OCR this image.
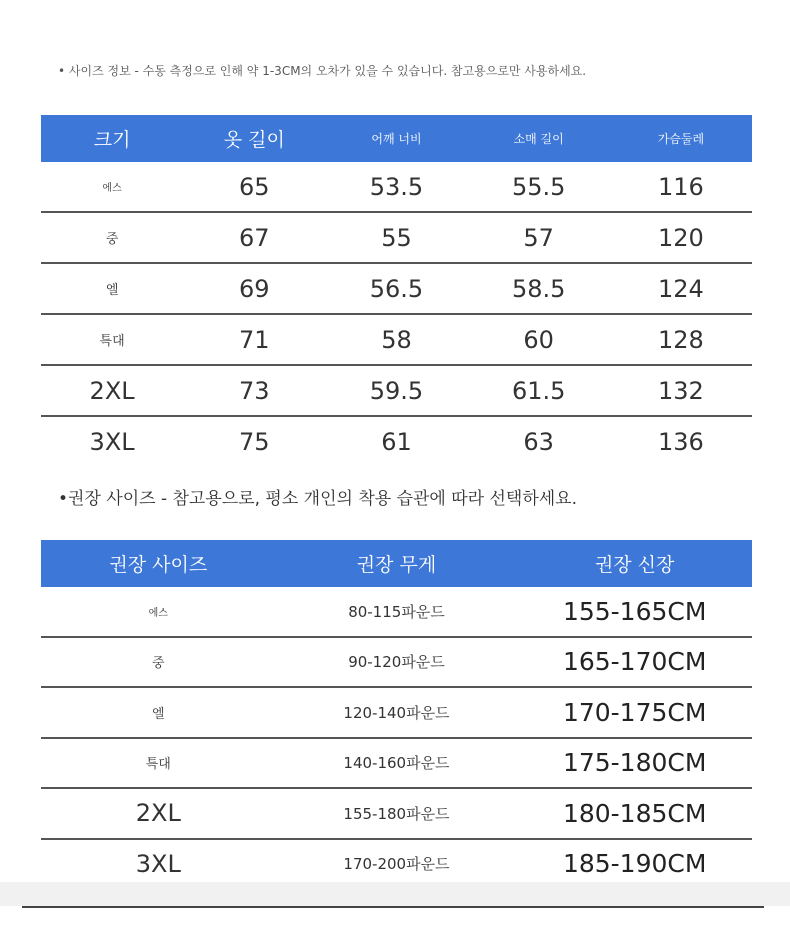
• 사이즈 정보 - 수동 측정으로 인해 약 1-3CM의 오차가 있을 수 있습니다. 참고용으로만 사용하세요.
크기	옷 길이	어깨 너비	소매 길이	가슴둘레
에스	65	53.5	55.5	116
중	67	55	57	120
엘	69	56.5	58.5	124
특대	71	58	60	128
2XL	73	59.5	61.5	132
3XL	75	61	63	136
•권장 사이즈 - 참고용으로, 평소 개인의 착용 습관에 따라 선택하세요.
권장 사이즈	권장 무게	권장 신장
에스	80-115파운드	155-165CM
중	90-120파운드	165-170CM
엘	120-140파운드	170-175CM
특대	140-160파운드	175-180CM
2XL	155-180파운드	180-185CM
3XL	170-200파운드	185-190CM
